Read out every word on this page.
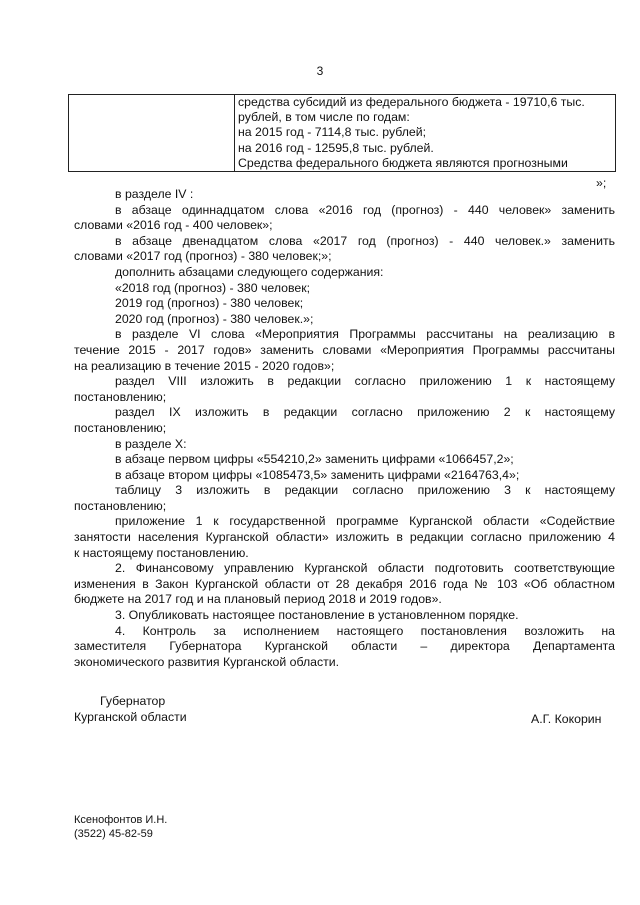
3

средства субсидий из федерального бюджета - 19710,6 тыс.
рублей, в том числе по годам:
на 2015 год - 7114,8 тыс. рублей;
на 2016 год - 12595,8 тыс. рублей.
Средства федерального бюджета являются прогнозными
»;
в разделе IV :
в абзаце одиннадцатом слова «2016 год (прогноз) - 440 человек» заменить
словами «2016 год - 400 человек»;
в абзаце двенадцатом слова «2017 год (прогноз) - 440 человек.» заменить
словами «2017 год (прогноз) - 380 человек;»;
дополнить абзацами следующего содержания:
«2018 год (прогноз) - 380 человек;
2019 год (прогноз) - 380 человек;
2020 год (прогноз) - 380 человек.»;
в разделе VI слова «Мероприятия Программы рассчитаны на реализацию в
течение 2015 - 2017 годов» заменить словами «Мероприятия Программы рассчитаны
на реализацию в течение 2015 - 2020 годов»;
раздел VIII изложить в редакции согласно приложению 1 к настоящему
постановлению;
раздел IX изложить в редакции согласно приложению 2 к настоящему
постановлению;
в разделе X:
в абзаце первом цифры «554210,2» заменить цифрами «1066457,2»;
в абзаце втором цифры «1085473,5» заменить цифрами «2164763,4»;
таблицу 3 изложить в редакции согласно приложению 3 к настоящему
постановлению;
приложение 1 к государственной программе Курганской области «Содействие
занятости населения Курганской области» изложить в редакции согласно приложению 4
к настоящему постановлению.
2. Финансовому управлению Курганской области подготовить соответствующие
изменения в Закон Курганской области от 28 декабря 2016 года № 103 «Об областном
бюджете на 2017 год и на плановый период 2018 и 2019 годов».
3. Опубликовать настоящее постановление в установленном порядке.
4. Контроль за исполнением настоящего постановления возложить на
заместителя Губернатора Курганской области – директора Департамента
экономического развития Курганской области.
Губернатор
Курганской области	А.Г. Кокорин
Ксенофонтов И.Н.
(3522) 45-82-59
